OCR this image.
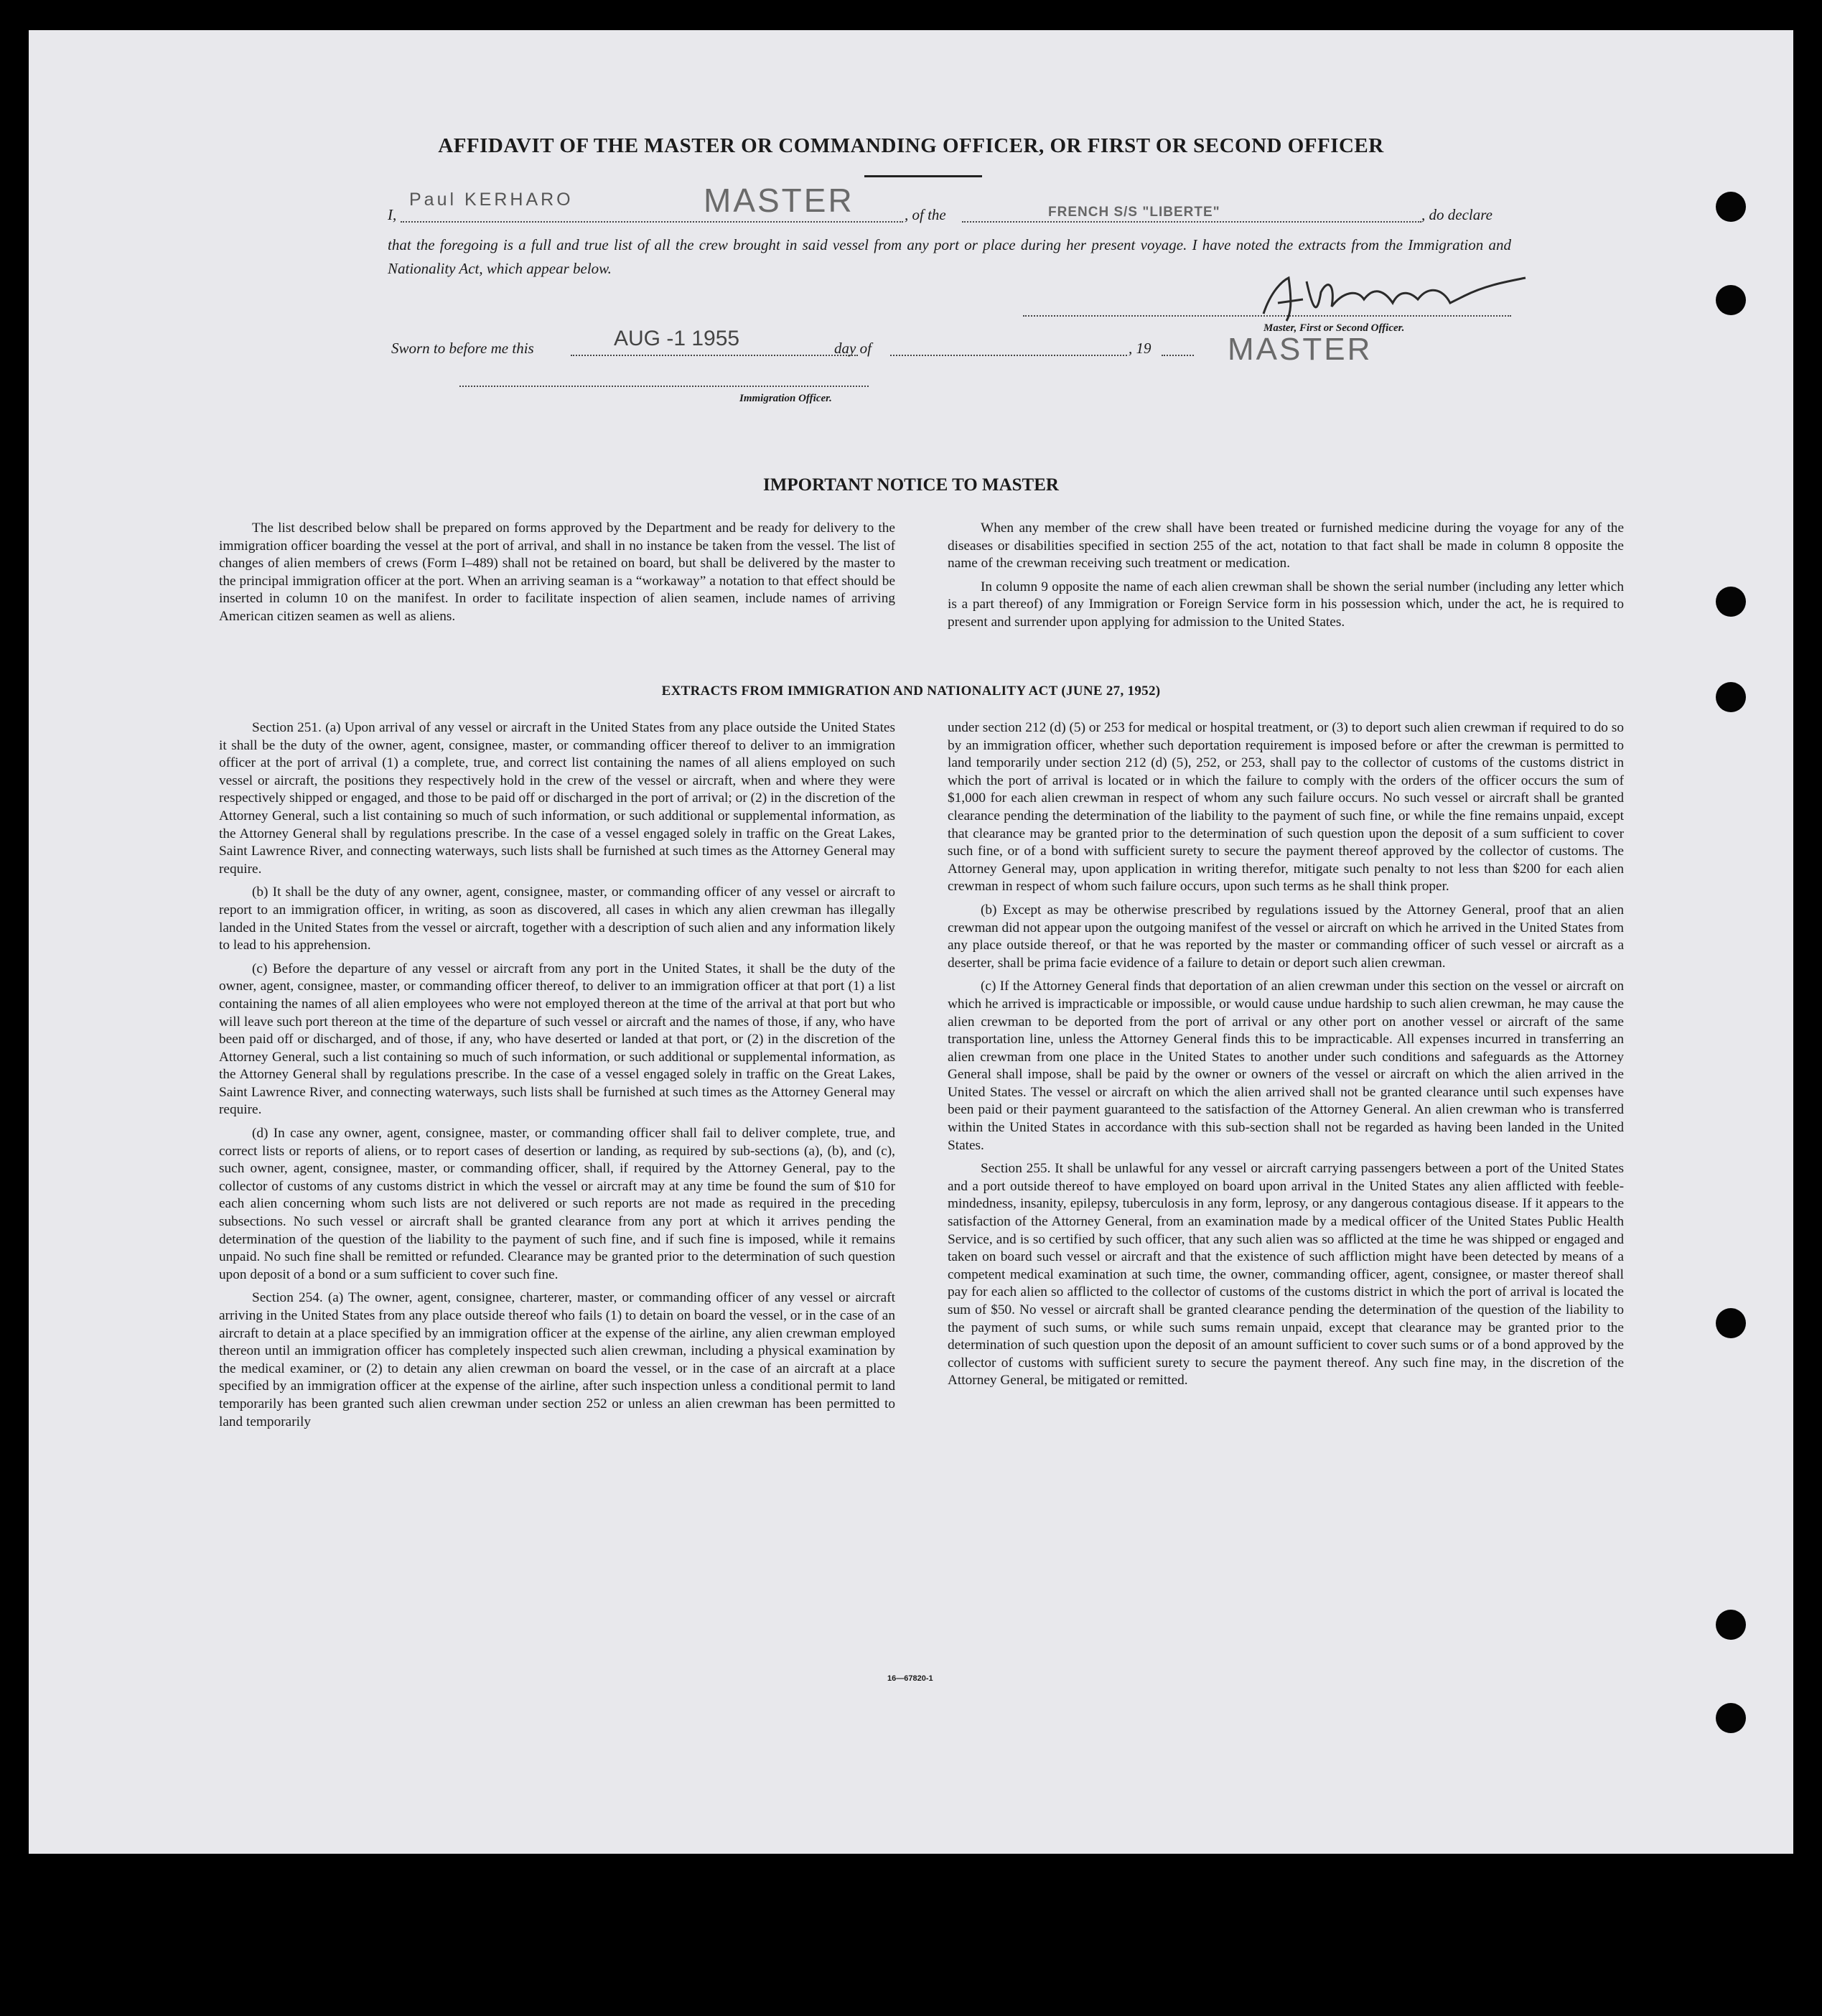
AFFIDAVIT OF THE MASTER OR COMMANDING OFFICER, OR FIRST OR SECOND OFFICER
I,
Paul KERHARO	MASTER	, of the	FRENCH S/S "LIBERTE"	, do declare
that the foregoing is a full and true list of all the crew brought in said vessel from any port or place during her present voyage. I have noted the extracts from the Immigration and Nationality Act, which appear below.
Master, First or Second Officer.
MASTER
Sworn to before me this	AUG -1 1955	day of	, 19
Immigration Officer.
IMPORTANT NOTICE TO MASTER

The list described below shall be prepared on forms approved by the Department and be ready for delivery to the immigration officer boarding the vessel at the port of arrival, and shall in no instance be taken from the vessel. The list of changes of alien members of crews (Form I–489) shall not be retained on board, but shall be delivered by the master to the principal immigration officer at the port. When an arriving seaman is a “workaway” a notation to that effect should be inserted in column 10 on the manifest. In order to facilitate inspection of alien seamen, include names of arriving American citizen seamen as well as aliens.

When any member of the crew shall have been treated or furnished medicine during the voyage for any of the diseases or disabilities specified in section 255 of the act, notation to that fact shall be made in column 8 opposite the name of the crewman receiving such treatment or medication.

In column 9 opposite the name of each alien crewman shall be shown the serial number (including any letter which is a part thereof) of any Immigration or Foreign Service form in his possession which, under the act, he is required to present and surrender upon applying for admission to the United States.

EXTRACTS FROM IMMIGRATION AND NATIONALITY ACT (JUNE 27, 1952)

Section 251. (a) Upon arrival of any vessel or aircraft in the United States from any place outside the United States it shall be the duty of the owner, agent, consignee, master, or commanding officer thereof to deliver to an immigration officer at the port of arrival (1) a complete, true, and correct list containing the names of all aliens employed on such vessel or aircraft, the positions they respectively hold in the crew of the vessel or aircraft, when and where they were respectively shipped or engaged, and those to be paid off or discharged in the port of arrival; or (2) in the discretion of the Attorney General, such a list containing so much of such information, or such additional or supplemental information, as the Attorney General shall by regulations prescribe. In the case of a vessel engaged solely in traffic on the Great Lakes, Saint Lawrence River, and connecting waterways, such lists shall be furnished at such times as the Attorney General may require.

(b) It shall be the duty of any owner, agent, consignee, master, or commanding officer of any vessel or aircraft to report to an immigration officer, in writing, as soon as discovered, all cases in which any alien crewman has illegally landed in the United States from the vessel or aircraft, together with a description of such alien and any information likely to lead to his apprehension.

(c) Before the departure of any vessel or aircraft from any port in the United States, it shall be the duty of the owner, agent, consignee, master, or commanding officer thereof, to deliver to an immigration officer at that port (1) a list containing the names of all alien employees who were not employed thereon at the time of the arrival at that port but who will leave such port thereon at the time of the departure of such vessel or aircraft and the names of those, if any, who have been paid off or discharged, and of those, if any, who have deserted or landed at that port, or (2) in the discretion of the Attorney General, such a list containing so much of such information, or such additional or supplemental information, as the Attorney General shall by regulations prescribe. In the case of a vessel engaged solely in traffic on the Great Lakes, Saint Lawrence River, and connecting waterways, such lists shall be furnished at such times as the Attorney General may require.

(d) In case any owner, agent, consignee, master, or commanding officer shall fail to deliver complete, true, and correct lists or reports of aliens, or to report cases of desertion or landing, as required by sub-sections (a), (b), and (c), such owner, agent, consignee, master, or commanding officer, shall, if required by the Attorney General, pay to the collector of customs of any customs district in which the vessel or aircraft may at any time be found the sum of $10 for each alien concerning whom such lists are not delivered or such reports are not made as required in the preceding subsections. No such vessel or aircraft shall be granted clearance from any port at which it arrives pending the determination of the question of the liability to the payment of such fine, and if such fine is imposed, while it remains unpaid. No such fine shall be remitted or refunded. Clearance may be granted prior to the determination of such question upon deposit of a bond or a sum sufficient to cover such fine.

Section 254. (a) The owner, agent, consignee, charterer, master, or commanding officer of any vessel or aircraft arriving in the United States from any place outside thereof who fails (1) to detain on board the vessel, or in the case of an aircraft to detain at a place specified by an immigration officer at the expense of the airline, any alien crewman employed thereon until an immigration officer has completely inspected such alien crewman, including a physical examination by the medical examiner, or (2) to detain any alien crewman on board the vessel, or in the case of an aircraft at a place specified by an immigration officer at the expense of the airline, after such inspection unless a conditional permit to land temporarily has been granted such alien crewman under section 252 or unless an alien crewman has been permitted to land temporarily

under section 212 (d) (5) or 253 for medical or hospital treatment, or (3) to deport such alien crewman if required to do so by an immigration officer, whether such deportation requirement is imposed before or after the crewman is permitted to land temporarily under section 212 (d) (5), 252, or 253, shall pay to the collector of customs of the customs district in which the port of arrival is located or in which the failure to comply with the orders of the officer occurs the sum of $1,000 for each alien crewman in respect of whom any such failure occurs. No such vessel or aircraft shall be granted clearance pending the determination of the liability to the payment of such fine, or while the fine remains unpaid, except that clearance may be granted prior to the determination of such question upon the deposit of a sum sufficient to cover such fine, or of a bond with sufficient surety to secure the payment thereof approved by the collector of customs. The Attorney General may, upon application in writing therefor, mitigate such penalty to not less than $200 for each alien crewman in respect of whom such failure occurs, upon such terms as he shall think proper.

(b) Except as may be otherwise prescribed by regulations issued by the Attorney General, proof that an alien crewman did not appear upon the outgoing manifest of the vessel or aircraft on which he arrived in the United States from any place outside thereof, or that he was reported by the master or commanding officer of such vessel or aircraft as a deserter, shall be prima facie evidence of a failure to detain or deport such alien crewman.

(c) If the Attorney General finds that deportation of an alien crewman under this section on the vessel or aircraft on which he arrived is impracticable or impossible, or would cause undue hardship to such alien crewman, he may cause the alien crewman to be deported from the port of arrival or any other port on another vessel or aircraft of the same transportation line, unless the Attorney General finds this to be impracticable. All expenses incurred in transferring an alien crewman from one place in the United States to another under such conditions and safeguards as the Attorney General shall impose, shall be paid by the owner or owners of the vessel or aircraft on which the alien arrived in the United States. The vessel or aircraft on which the alien arrived shall not be granted clearance until such expenses have been paid or their payment guaranteed to the satisfaction of the Attorney General. An alien crewman who is transferred within the United States in accordance with this sub-section shall not be regarded as having been landed in the United States.

Section 255. It shall be unlawful for any vessel or aircraft carrying passengers between a port of the United States and a port outside thereof to have employed on board upon arrival in the United States any alien afflicted with feeble-mindedness, insanity, epilepsy, tuberculosis in any form, leprosy, or any dangerous contagious disease. If it appears to the satisfaction of the Attorney General, from an examination made by a medical officer of the United States Public Health Service, and is so certified by such officer, that any such alien was so afflicted at the time he was shipped or engaged and taken on board such vessel or aircraft and that the existence of such affliction might have been detected by means of a competent medical examination at such time, the owner, commanding officer, agent, consignee, or master thereof shall pay for each alien so afflicted to the collector of customs of the customs district in which the port of arrival is located the sum of $50. No vessel or aircraft shall be granted clearance pending the determination of the question of the liability to the payment of such sums, or while such sums remain unpaid, except that clearance may be granted prior to the determination of such question upon the deposit of an amount sufficient to cover such sums or of a bond approved by the collector of customs with sufficient surety to secure the payment thereof. Any such fine may, in the discretion of the Attorney General, be mitigated or remitted.

16—67820-1
